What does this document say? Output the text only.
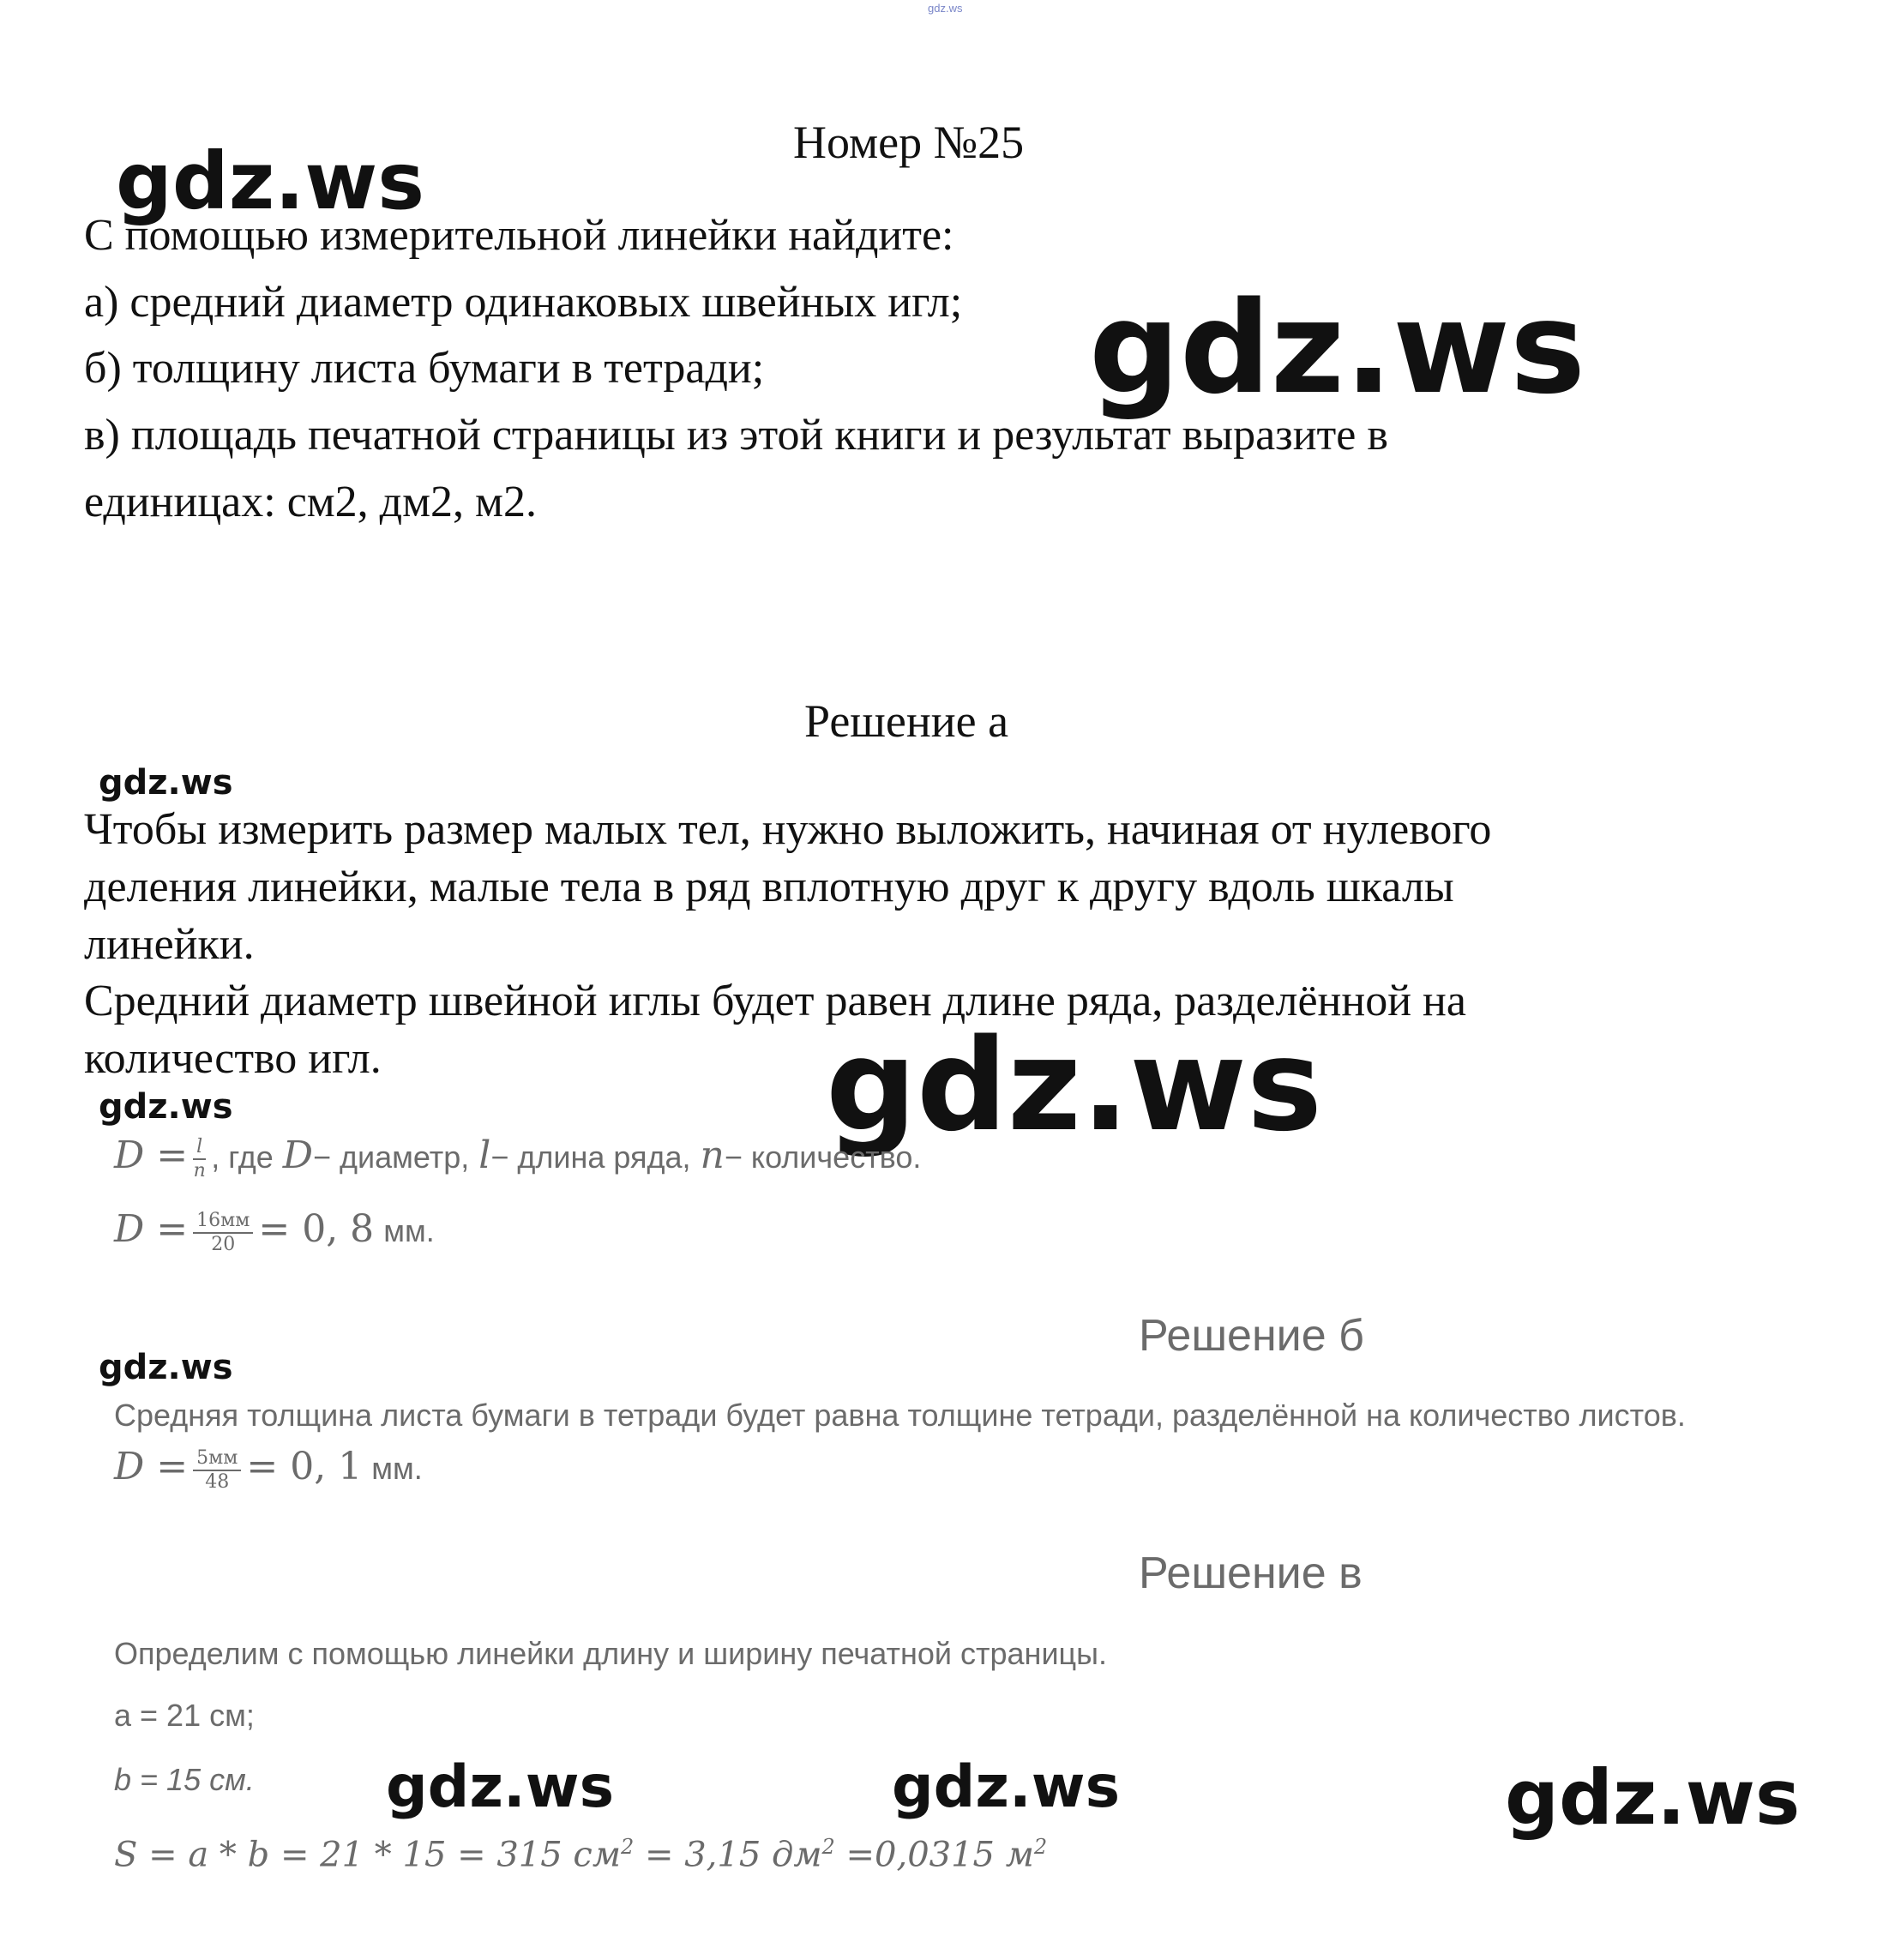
gdz.ws
Номер №25
gdz.ws
gdz.ws
gdz.ws
gdz.ws
gdz.ws
gdz.ws
gdz.ws	gdz.ws	gdz.ws
С помощью измерительной линейки найдите:
а) средний диаметр одинаковых швейных игл;
б) толщину листа бумаги в тетради;
в) площадь печатной страницы из этой книги и результат выразите в
единицах: см2, дм2, м2.
Решение а
Чтобы измерить размер малых тел, нужно выложить, начиная от нулевого
деления линейки, малые тела в ряд вплотную друг к другу вдоль шкалы
линейки.
Средний диаметр швейной иглы будет равен длине ряда, разделённой на
количество игл.
$D = \frac{l}{n}$ , где D− диаметр, l− длина ряда, n− количество.
$D = \frac{16мм}{20} = 0$, 8 мм.
Решение б
Средняя толщина листа бумаги в тетради будет равна толщине тетради, разделённой на количество листов.
$D = \frac{5мм}{48} = 0$, 1 мм.
Решение в
Определим с помощью линейки длину и ширину печатной страницы.
a = 21 см;
b = 15 см.
S = a * b = 21 * 15 = 315 $см^2 = 3,15$ $дм^2 =0,0315$ $м^2$
